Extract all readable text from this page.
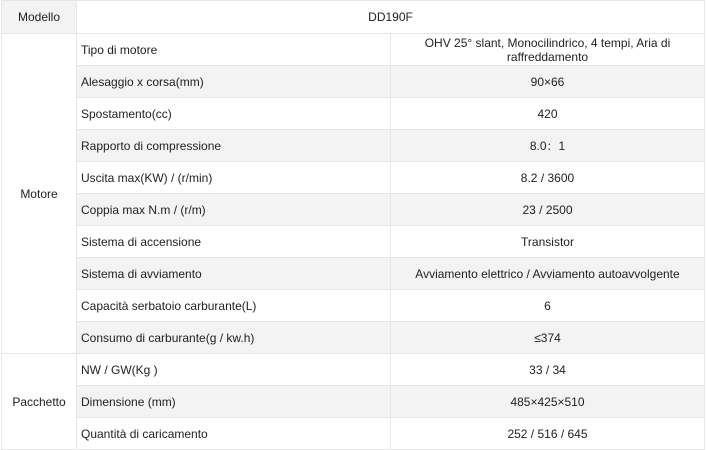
Modello	DD190F	
Motore	Tipo di motore	OHV 25° slant, Monocilindrico, 4 tempi, Aria di raffreddamento
	Alesaggio x corsa(mm)	90×66
	Spostamento(cc)	420
	Rapporto di compressione	8.0：1
	Uscita max(KW) / (r/min)	8.2 / 3600
	Coppia max N.m / (r/m)	23 / 2500
	Sistema di accensione	Transistor
	Sistema di avviamento	Avviamento elettrico / Avviamento autoavvolgente
	Capacità serbatoio carburante(L)	6
	Consumo di carburante(g / kw.h)	≤374
Pacchetto	NW / GW(Kg )	33 / 34
	Dimensione (mm)	485×425×510
	Quantità di caricamento	252 / 516 / 645
